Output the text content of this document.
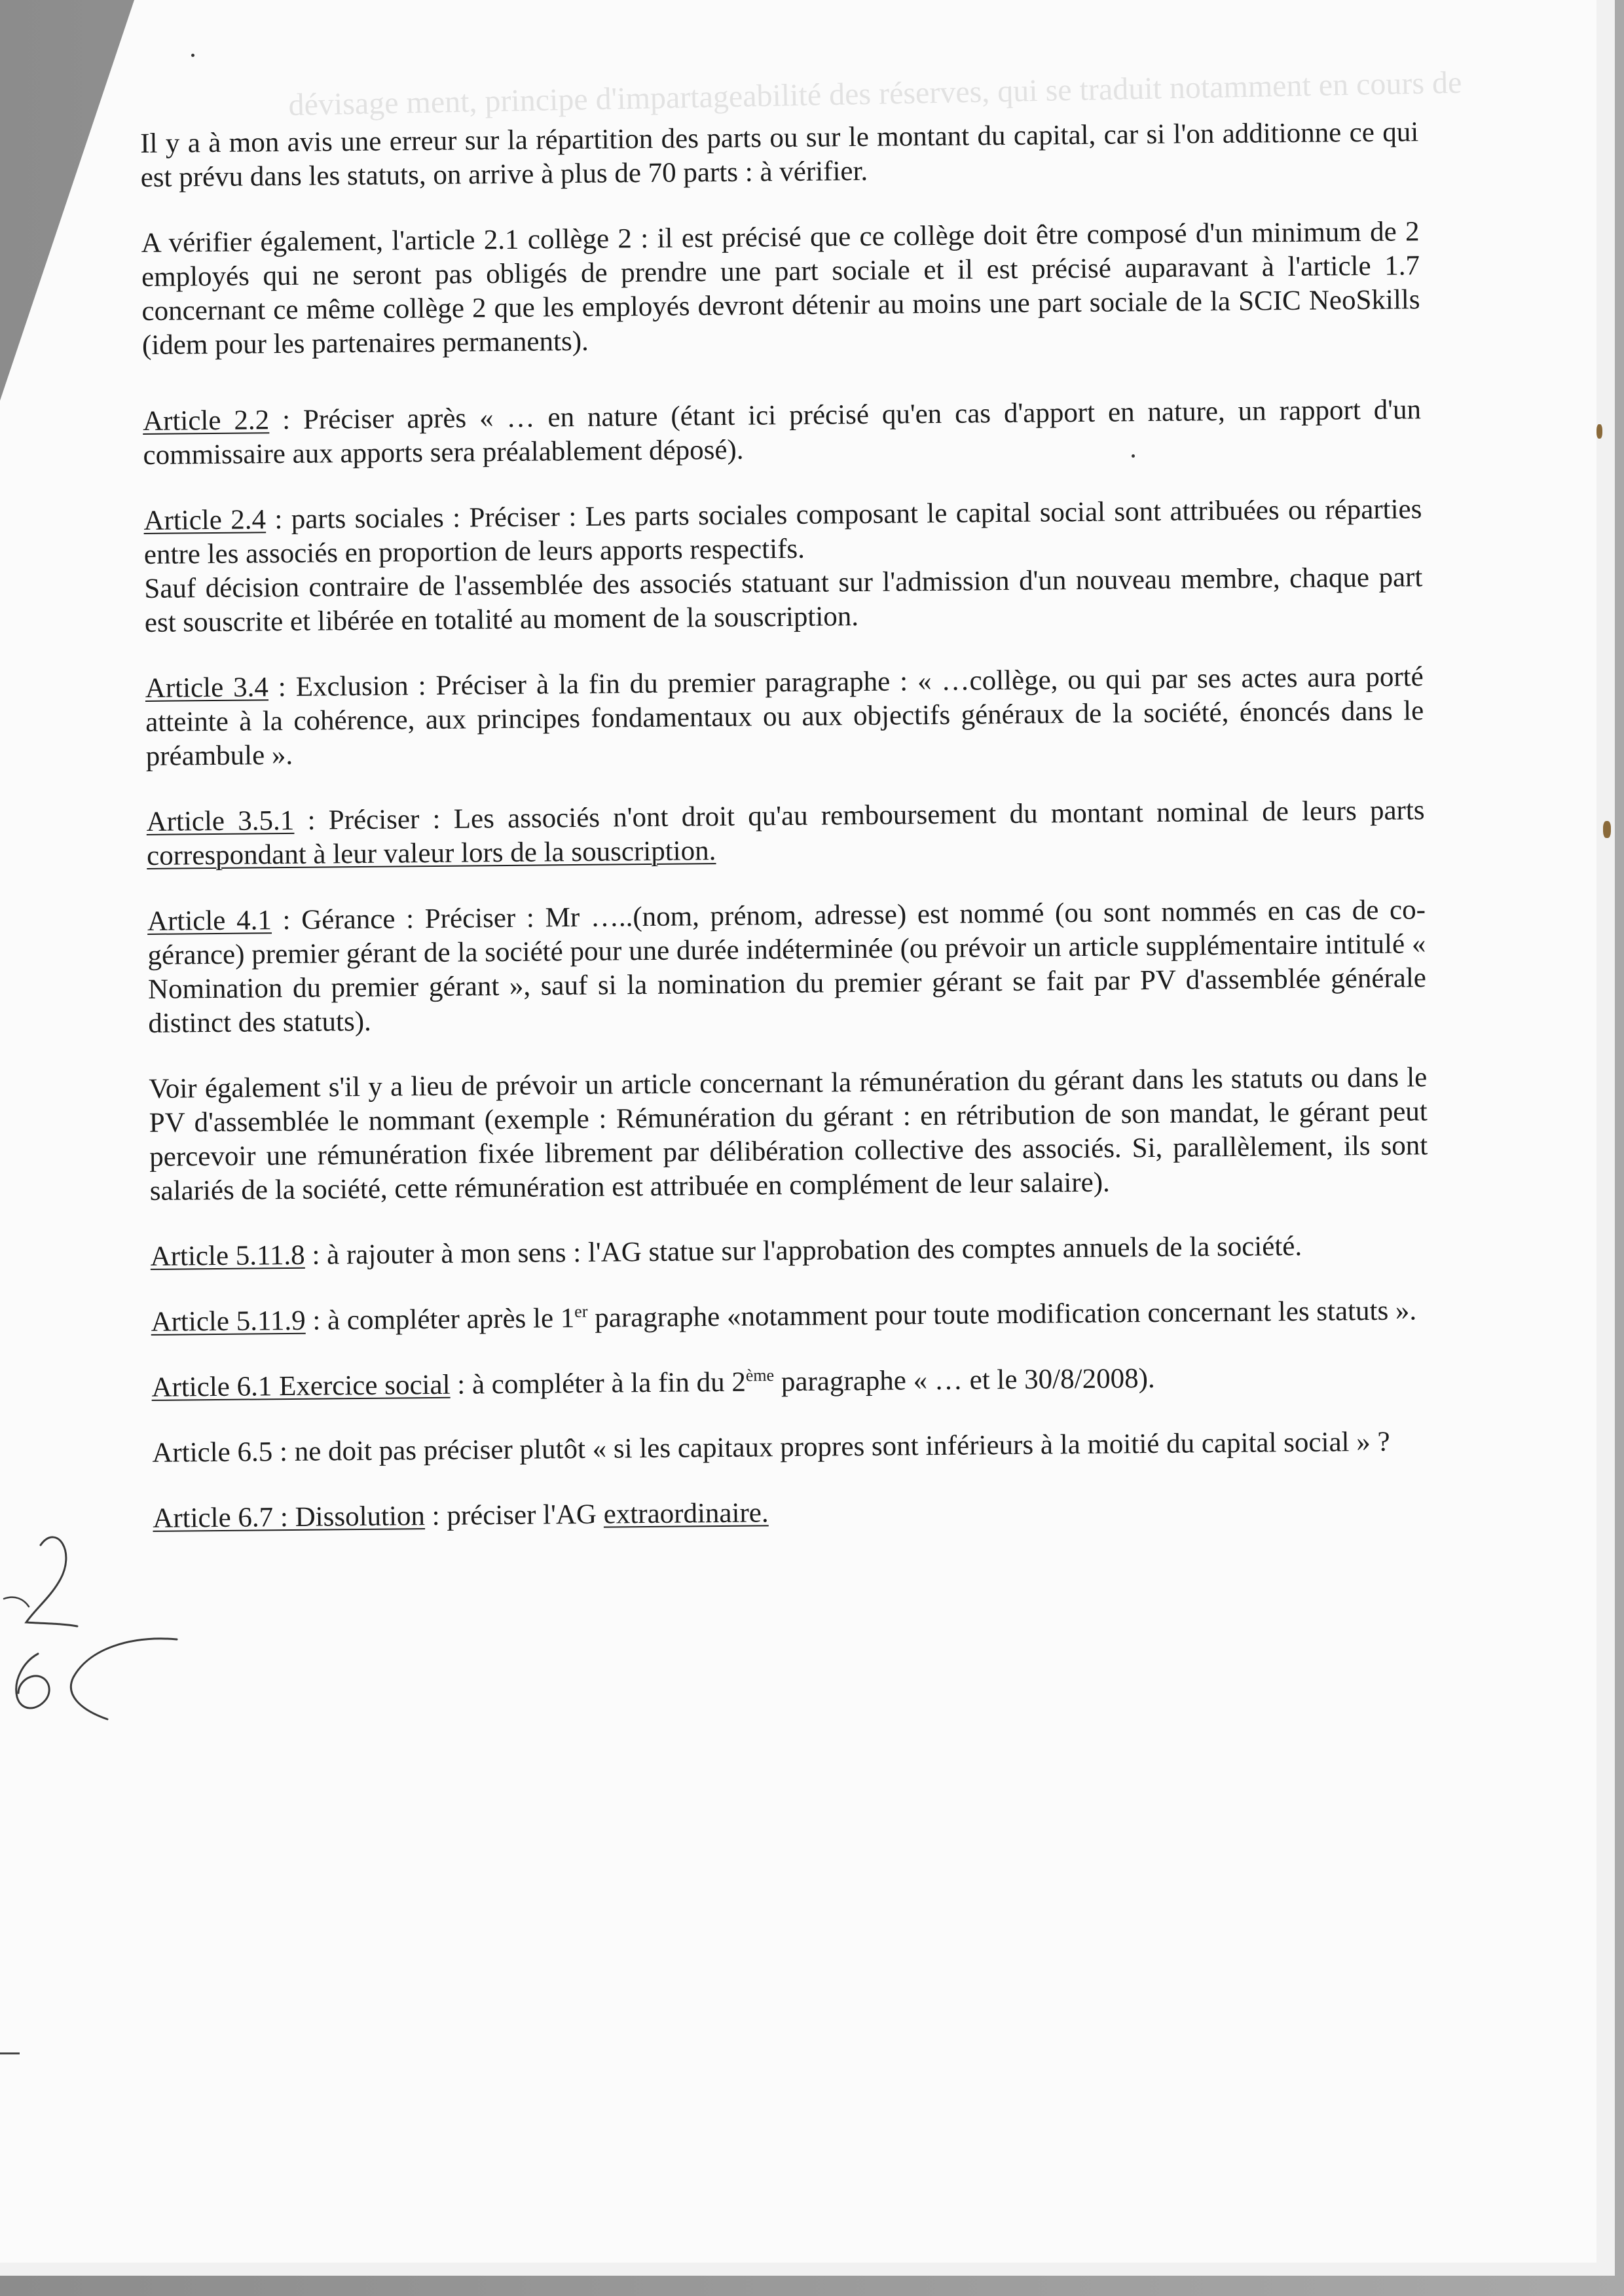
dévisage ment, principe d'impartageabilité des réserves, qui se traduit notamment en cours de

Il y a à mon avis une erreur sur la répartition des parts ou sur le montant du capital, car si l'on additionne ce qui est prévu dans les statuts, on arrive à plus de 70 parts : à vérifier.

A vérifier également, l'article 2.1 collège 2 : il est précisé que ce collège doit être composé d'un minimum de 2 employés qui ne seront pas obligés de prendre une part sociale et il est précisé auparavant à l'article 1.7 concernant ce même collège 2 que les employés devront détenir au moins une part sociale de la SCIC NeoSkills (idem pour les partenaires permanents).

Article 2.2 : Préciser après « … en nature (étant ici précisé qu'en cas d'apport en nature, un rapport d'un commissaire aux apports sera préalablement déposé).

Article 2.4 : parts sociales : Préciser : Les parts sociales composant le capital social sont attribuées ou réparties entre les associés en proportion de leurs apports respectifs.

Sauf décision contraire de l'assemblée des associés statuant sur l'admission d'un nouveau membre, chaque part est souscrite et libérée en totalité au moment de la souscription.

Article 3.4 : Exclusion : Préciser à la fin du premier paragraphe : « …collège, ou qui par ses actes aura porté atteinte à la cohérence, aux principes fondamentaux ou aux objectifs généraux de la société, énoncés dans le préambule ».

Article 3.5.1 : Préciser : Les associés n'ont droit qu'au remboursement du montant nominal de leurs parts correspondant à leur valeur lors de la souscription.

Article 4.1 : Gérance : Préciser : Mr …..(nom, prénom, adresse) est nommé (ou sont nommés en cas de co-gérance) premier gérant de la société pour une durée indéterminée (ou prévoir un article supplémentaire intitulé « Nomination du premier gérant », sauf si la nomination du premier gérant se fait par PV d'assemblée générale distinct des statuts).

Voir également s'il y a lieu de prévoir un article concernant la rémunération du gérant dans les statuts ou dans le PV d'assemblée le nommant (exemple : Rémunération du gérant : en rétribution de son mandat, le gérant peut percevoir une rémunération fixée librement par délibération collective des associés. Si, parallèlement, ils sont salariés de la société, cette rémunération est attribuée en complément de leur salaire).

Article 5.11.8 : à rajouter à mon sens : l'AG statue sur l'approbation des comptes annuels de la société.

Article 5.11.9 : à compléter après le 1er paragraphe «notamment pour toute modification concernant les statuts ».

Article 6.1 Exercice social : à compléter à la fin du 2ème paragraphe « … et le 30/8/2008).

Article 6.5 : ne doit pas préciser plutôt « si les capitaux propres sont inférieurs à la moitié du capital social » ?

Article 6.7 : Dissolution : préciser l'AG extraordinaire.
